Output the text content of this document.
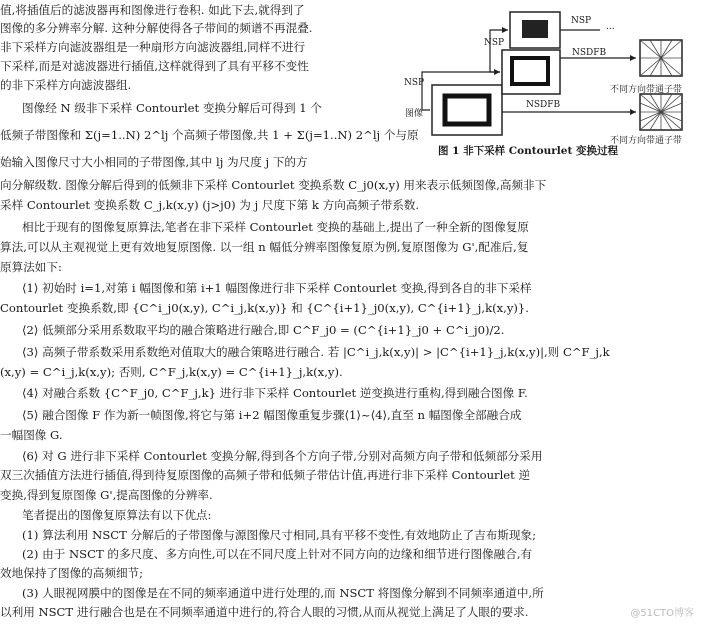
NSP
...
NSP
NSDFB
NSP
NSDFB
图像
不同方向带通子带
不同方向带通子带
图 1 非下采样 Contourlet 变换过程
值,将插值后的滤波器再和图像进行卷积. 如此下去,就得到了
图像的多分辨率分解. 这种分解使得各子带间的频谱不再混叠.
非下采样方向滤波器组是一种扇形方向滤波器组,同样不进行
下采样,而是对滤波器进行插值,这样就得到了具有平移不变性
的非下采样方向滤波器组.
图像经 N 级非下采样 Contourlet 变换分解后可得到 1 个
低频子带图像和 Σ(j=1..N) 2^lj 个高频子带图像,共 1 + Σ(j=1..N) 2^lj 个与原
始输入图像尺寸大小相同的子带图像,其中 lj 为尺度 j 下的方
向分解级数. 图像分解后得到的低频非下采样 Contourlet 变换系数 C_j0(x,y) 用来表示低频图像,高频非下
采样 Contourlet 变换系数 C_j,k(x,y) (j>j0) 为 j 尺度下第 k 方向高频子带系数.
相比于现有的图像复原算法,笔者在非下采样 Contourlet 变换的基础上,提出了一种全新的图像复原
算法,可以从主观视觉上更有效地复原图像. 以一组 n 幅低分辨率图像复原为例,复原图像为 G',配准后,复
原算法如下:
⟨1⟩ 初始时 i=1,对第 i 幅图像和第 i+1 幅图像进行非下采样 Contourlet 变换,得到各自的非下采样
Contourlet 变换系数,即 {C^i_j0(x,y), C^i_j,k(x,y)} 和 {C^{i+1}_j0(x,y), C^{i+1}_j,k(x,y)}.
⟨2⟩ 低频部分采用系数取平均的融合策略进行融合,即 C^F_j0 = (C^{i+1}_j0 + C^i_j0)/2.
⟨3⟩ 高频子带系数采用系数绝对值取大的融合策略进行融合. 若 |C^i_j,k(x,y)| > |C^{i+1}_j,k(x,y)|,则 C^F_j,k
(x,y) = C^i_j,k(x,y); 否则, C^F_j,k(x,y) = C^{i+1}_j,k(x,y).
⟨4⟩ 对融合系数 {C^F_j0, C^F_j,k} 进行非下采样 Contourlet 逆变换进行重构,得到融合图像 F.
⟨5⟩ 融合图像 F 作为新一帧图像,将它与第 i+2 幅图像重复步骤⟨1⟩~⟨4⟩,直至 n 幅图像全部融合成
一幅图像 G.
⟨6⟩ 对 G 进行非下采样 Contourlet 变换分解,得到各个方向子带,分别对高频方向子带和低频部分采用
双三次插值方法进行插值,得到待复原图像的高频子带和低频子带估计值,再进行非下采样 Contourlet 逆
变换,得到复原图像 G',提高图像的分辨率.
笔者提出的图像复原算法有以下优点:
(1) 算法利用 NSCT 分解后的子带图像与源图像尺寸相同,具有平移不变性,有效地防止了吉布斯现象;
(2) 由于 NSCT 的多尺度、多方向性,可以在不同尺度上针对不同方向的边缘和细节进行图像融合,有
效地保持了图像的高频细节;
(3) 人眼视网膜中的图像是在不同的频率通道中进行处理的,而 NSCT 将图像分解到不同频率通道中,所
以利用 NSCT 进行融合也是在不同频率通道中进行的,符合人眼的习惯,从而从视觉上满足了人眼的要求.	@51CTO博客
